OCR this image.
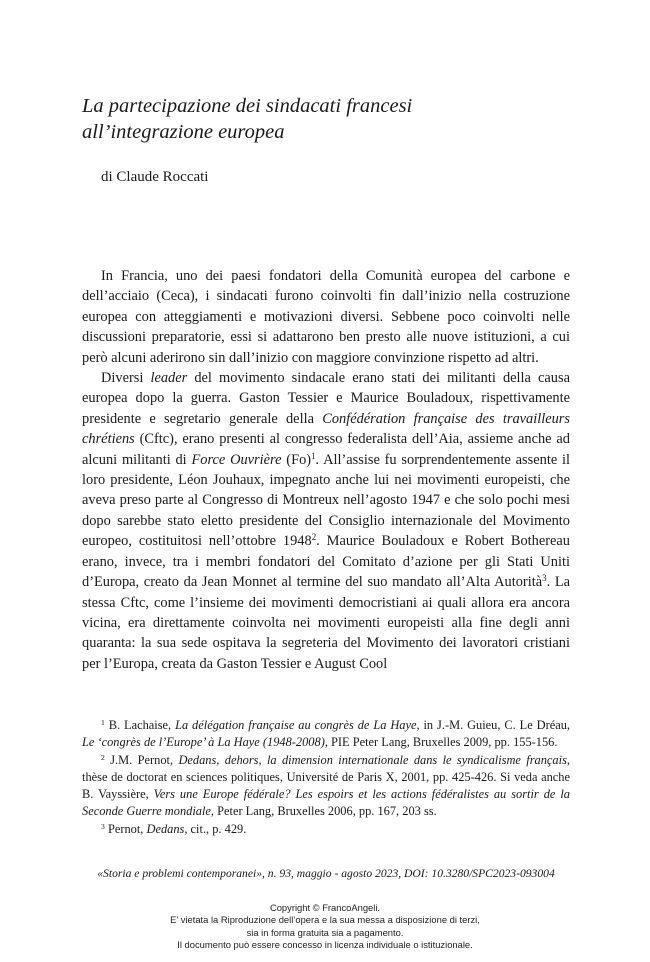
La partecipazione dei sindacati francesi
all’integrazione europea
di Claude Roccati

In Francia, uno dei paesi fondatori della Comunità europea del carbone e dell’acciaio (Ceca), i sindacati furono coinvolti fin dall’inizio nella costruzione europea con atteggiamenti e motivazioni diversi. Sebbene poco coinvolti nelle discussioni preparatorie, essi si adattarono ben presto alle nuove istituzioni, a cui però alcuni aderirono sin dall’inizio con maggiore convinzione rispetto ad altri.

Diversi leader del movimento sindacale erano stati dei militanti della causa europea dopo la guerra. Gaston Tessier e Maurice Bouladoux, rispettivamente presidente e segretario generale della Confédération française des travailleurs chrétiens (Cftc), erano presenti al congresso federalista dell’Aia, assieme anche ad alcuni militanti di Force Ouvrière $(Fo)^1$. All’assise fu sorprendentemente assente il loro presidente, Léon Jouhaux, impegnato anche lui nei movimenti europeisti, che aveva preso parte al Congresso di Montreux nell’agosto 1947 e che solo pochi mesi dopo sarebbe stato eletto presidente del Consiglio internazionale del Movimento europeo, costituitosi nell’ottobre 1948$^2$. Maurice Bouladoux e Robert Bothereau erano, invece, tra i membri fondatori del Comitato d’azione per gli Stati Uniti d’Europa, creato da Jean Monnet al termine del suo mandato all’Alta Autorità$^3$. La stessa Cftc, come l’insieme dei movimenti democristiani ai quali allora era ancora vicina, era direttamente coinvolta nei movimenti europeisti alla fine degli anni quaranta: la sua sede ospitava la segreteria del Movimento dei lavoratori cristiani per l’Europa, creata da Gaston Tessier e August Cool

$^1$ B. Lachaise, La délégation française au congrès de La Haye, in J.-M. Guieu, C. Le Dréau, Le ‘congrès de l’Europe’ à La Haye (1948-2008), PIE Peter Lang, Bruxelles 2009, pp. 155-156.

$^2$ J.M. Pernot, Dedans, dehors, la dimension internationale dans le syndicalisme français, thèse de doctorat en sciences politiques, Université de Paris X, 2001, pp. 425-426. Si veda anche B. Vayssière, Vers une Europe fédérale? Les espoirs et les actions fédéralistes au sortir de la Seconde Guerre mondiale, Peter Lang, Bruxelles 2006, pp. 167, 203 ss.

$^3$ Pernot, Dedans, cit., p. 429.

«Storia e problemi contemporanei», n. 93, maggio - agosto 2023, DOI: 10.3280/SPC2023-093004
Copyright © FrancoAngeli.
E’ vietata la Riproduzione dell’opera e la sua messa a disposizione di terzi,
sia in forma gratuita sia a pagamento.
Il documento può essere concesso in licenza individuale o istituzionale.
